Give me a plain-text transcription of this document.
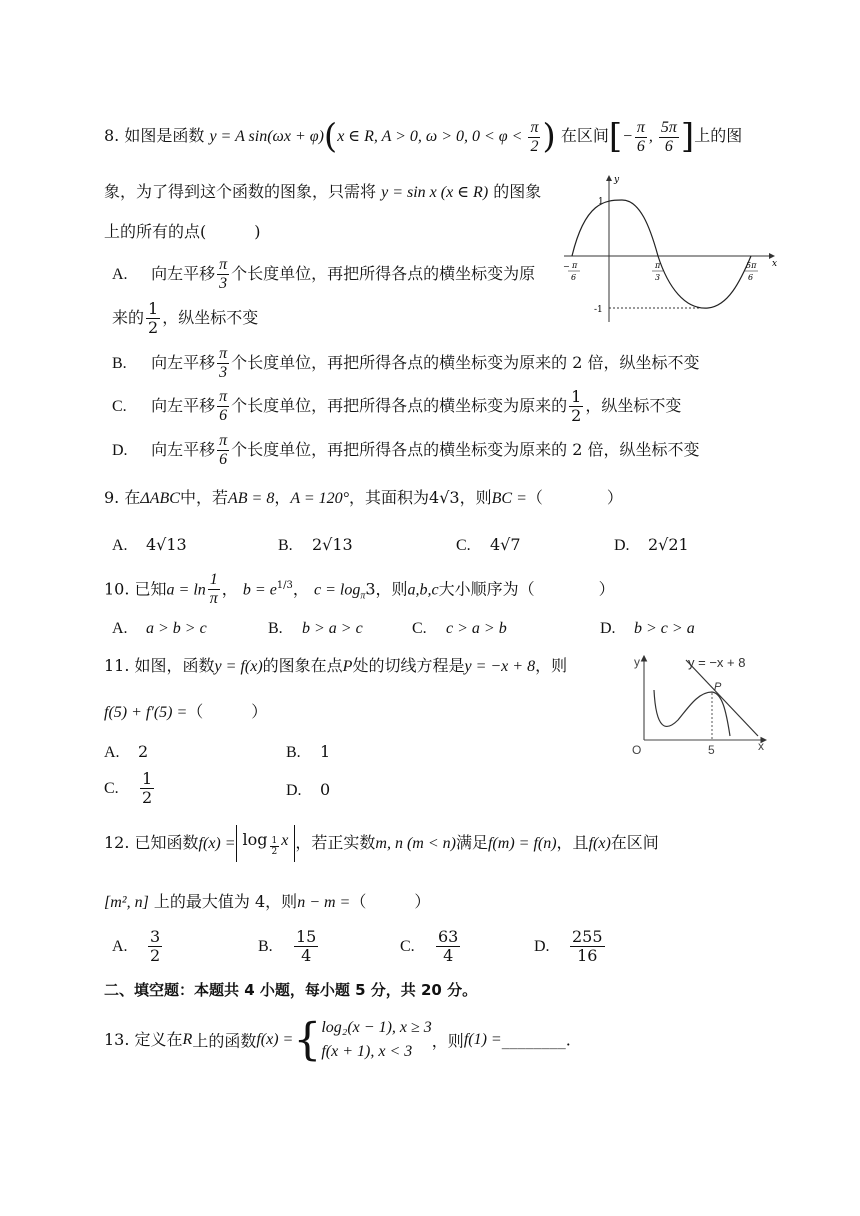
8. 如图是函数 y = A sin(ωx + φ)(x ∈ R, A > 0, ω > 0, $0 < \varphi < \frac{\pi}{2}$ ) 在区间[− $\frac{\pi}{6}$ , $\frac{5\pi}{6}$ ]上的图
象，为了得到这个函数的图象，只需将 y = sin x (x ∈ R) 的图象
上的所有的点(　　　)
x
y
1
-1
π
6
−	π
3
5π
6
A. 向左平移 $\frac{\pi}{3}$ 个长度单位，再把所得各点的横坐标变为原
来的 $\frac{1}{2}$ ，纵坐标不变
B. 向左平移 $\frac{\pi}{3}$ 个长度单位，再把所得各点的横坐标变为原来的 2 倍，纵坐标不变
C. 向左平移 $\frac{\pi}{6}$ 个长度单位，再把所得各点的横坐标变为原来的 $\frac{1}{2}$ ，纵坐标不变
D. 向左平移 $\frac{\pi}{6}$ 个长度单位，再把所得各点的横坐标变为原来的 2 倍，纵坐标不变
9. 在ΔABC中，若AB = 8，A = 120°，其面积为4√3，则BC =（　　　　）
A. 4√13	B. 2√13	C. 4√7	D. 2√21
10. 已知$a = \ln \frac{1}{\pi}$ ， $b = e^{1/3}$， $c = \log_\pi 3$，则a,b,c大小顺序为（　　　　）
A. a > b > c	B. b > a > c	C. c > a > b	D. b > c > a
11. 如图，函数y = f(x)的图象在点P处的切线方程是y = −x + 8，则
f(5) + f′(5) =（　　　）
A. 2	B. 1
C. $\frac{1}{2}$	D. 0
y
x
O	5
y = −x + 8
P
12. 已知函数f(x) = log $_{\frac{1}{2}}$ x ，若正实数m, n (m < n)满足f(m) = f(n)，且f(x)在区间
[m², n] 上的最大值为 4，则n − m =（　　　）
A. $\frac{3}{2}$	B. $\frac{15}{4}$	C. $\frac{63}{4}$	D. $\frac{255}{16}$
二、填空题：本题共 4 小题，每小题 5 分，共 20 分。
13. 定义在R上的函数f(x) ={ log₂(x − 1), x ≥ 3
f(x + 1), x < 3
，则f(1) =________.
